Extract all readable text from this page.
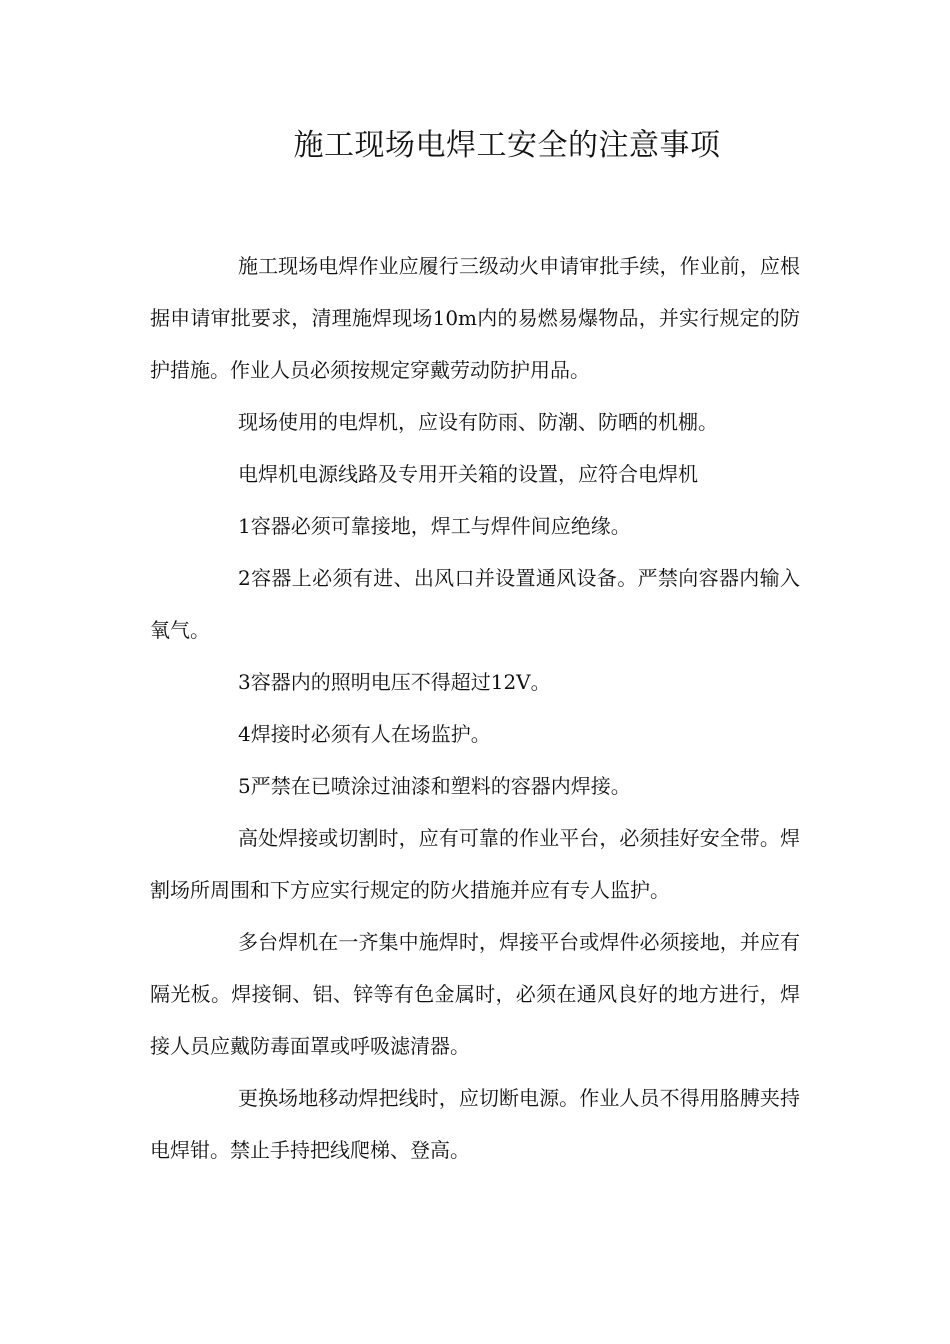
施工现场电焊工安全的注意事项

施工现场电焊作业应履行三级动火申请审批手续，作业前，应根据申请审批要求，清理施焊现场10m内的易燃易爆物品，并实行规定的防护措施。作业人员必须按规定穿戴劳动防护用品。

现场使用的电焊机，应设有防雨、防潮、防晒的机棚。

电焊机电源线路及专用开关箱的设置，应符合电焊机

1容器必须可靠接地，焊工与焊件间应绝缘。

2容器上必须有进、出风口并设置通风设备。严禁向容器内输入氧气。

3容器内的照明电压不得超过12V。

4焊接时必须有人在场监护。

5严禁在已喷涂过油漆和塑料的容器内焊接。

高处焊接或切割时，应有可靠的作业平台，必须挂好安全带。焊割场所周围和下方应实行规定的防火措施并应有专人监护。

多台焊机在一齐集中施焊时，焊接平台或焊件必须接地，并应有隔光板。焊接铜、铝、锌等有色金属时，必须在通风良好的地方进行，焊接人员应戴防毒面罩或呼吸滤清器。

更换场地移动焊把线时，应切断电源。作业人员不得用胳膊夹持电焊钳。禁止手持把线爬梯、登高。
